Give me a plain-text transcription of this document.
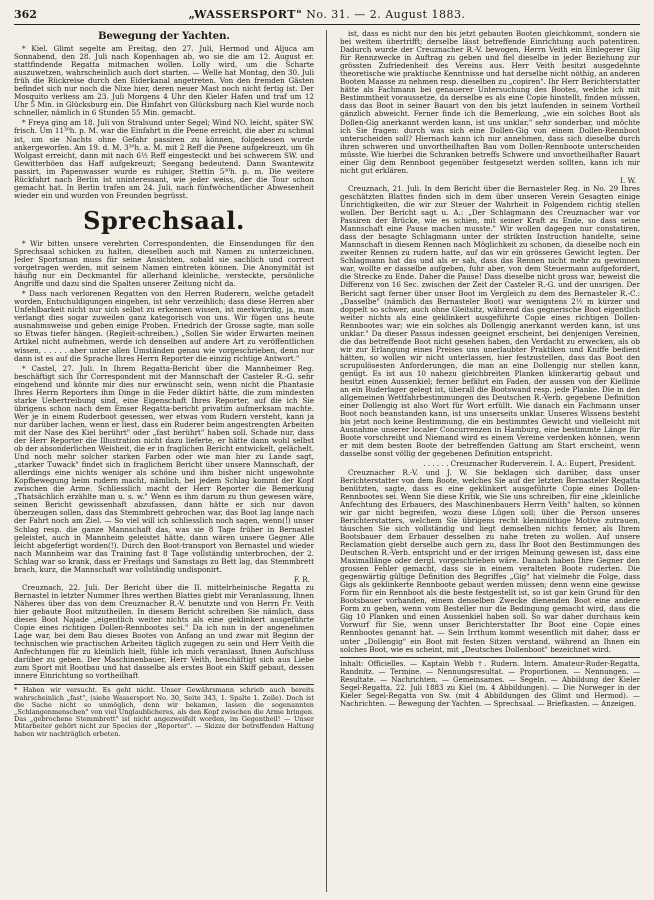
362	„WASSERSPORT" No. 31. — 2. August 1883.
Bewegung der Yachten.

* Kiel. Glimt segelte am Freitag, den 27. Juli, Hermod und Aljuca am Sonnabend, den 28. Juli nach Kopenhagen ab, wo sie die am 12. August er. stattfindende Regatta mitmachen wollen. Lolly wird, um die Scharte auszuwetzen, wahrscheinlich auch dort starten. — Welle hat Montag, den 30. Juli früh die Rückreise durch den Eiderkanal angetreten. Von den fremden Gästen befindet sich nur noch die Nixe hier, deren neuer Mast noch nicht fertig ist. Der Mosquito verliess am 23. Juli Morgens 4 Uhr den Kieler Hafen und traf um 12 Uhr 5 Min. in Glücksburg ein. Die Hinfahrt von Glücksburg nach Kiel wurde noch schneller, nämlich in 6 Stunden 55 Min. gemacht.

* Freya ging am 18. Juli von Stralsund unter Segel; Wind NO. leicht, später SW. frisch. Um 11³⁰h. p. M. war die Einfahrt in die Peene erreicht, die aber zu schmal ist, um sie Nachts ohne Gefahr passiren zu können, folgedessen wurde ankergeworfen. Am 19. d. M. 3³⁰h. a. M. mit 2 Reff die Peene aufgekreuzt, um 6h Wolgast erreicht, dann mit nach 6½ Reff eingesteckt und bei schwerem SW. und Gewitterböen das Haff aufgekreuzt; Seegang bedeutend. Dann Swantewitz passirt, im Papenwasser wurde es ruhiger, Stettin 5³⁰h. p. m. Die weitere Rückfahrt nach Berlin ist uninteressant, wie jeder weiss, der die Tour schon gemacht hat. In Berlin trafen am 24. Juli, nach fünfwöchentlicher Abwesenheit wieder ein und wurden von Freunden begrüsst.

Sprechsaal.

* Wir bitten unsere verehrten Correspondenten, die Einsendungen für den Sprechsaal schicken zu halten, dieselben auch mit Namen zu unterzeichnen. Jeder Sportsman muss für seine Ansichten, sobald sie sachlich und correct vorgetragen werden, mit seinem Namen eintreten können. Die Anonymität ist häufig nur ein Deckmantel für allerhand kleinliche, versteckte, persönliche Angriffe und dazu sind die Spalten unserer Zeitung nicht da.

* Dass nach verlorenen Regatten von den Herren Ruderern, welche getadelt worden, Entschuldigungen eingehen, ist sehr verzeihlich; dass diese Herren aber Unfehlbarkeit nicht nur sich selbst zu erkennen wissen, ist merkwürdig, ja, man verlangt dies sogar zuweilen ganz kategorisch von uns. Wir fügen uns heute ausnahmsweise und geben einige Proben. Friedrich der Grosse sagte, man solle so Etwas tiefer hängen. (Regleit-schreiben.) „Sollen Sie wider Erwarten meinen Artikel nicht aufnehmen, werde ich denselben auf andere Art zu veröffentlichen wissen, . . . . . aber unter allen Umständen genau wie vorgeschrieben, denn nur dann ist es auf die Sprache Ihres Herrn Reporter die einzig richtige Antwort."

* Castel, 27. Juli. In Ihrem Regatta-Bericht über die Mannheimer Reg. beschäftigt sich Ihr Correspondent mit der Mannschaft der Casteler R.-G. sehr eingehend und könnte mir dies nur erwünscht sein, wenn nicht die Phantasie Ihres Herrn Reporters ihm Dinge in die Feder diktirt hätte, die zum mindesten starke Uebertreibung sind, eine Eigenschaft Ihres Reporter, auf die ich Sie übrigens schon nach dem Emser Regatta-bericht privatim aufmerksam machte. Wer je in einem Ruderboot gesessen, wer etwas vom Rudern versteht, kann ja nur darüber lachen, wenn er liest, dass ein Ruderer beim angestrengten Arbeiten mit der Nase des Kiel berührt" oder „fast berührt" haben soll. Schade nur, dass der Herr Reporter die Illustration nicht dazu lieferte, er hätte dann wohl selbst ob der absonderlichen Weisheit, die er in fraglichen Bericht entwickelt, gelächelt. Und noch mehr solcher starken Farben oder wie man hier zu Lande sagt, „starker Tuwack" findet sich in fraglichem Bericht über unsere Mannschaft, der allerdings eine nichts weniger als schöne und ihm bisher nicht ungewohnte Kopfbewegung beim rudern macht, nämlich, bei jedem Schlag kommt der Kopf zwischen die Arme. Schliesslich macht der Herr Reporter die Bemerkung „Thatsächlich erzählte man u. s. w." Wenn es ihm darum zu thun gewesen wäre, seinen Bericht gewissenhaft abzufassen, dann hätte er sich nur davon überzeugen sollen, dass das Stemmbrett gebrochen war, das Boot lag lange nach der Fahrt noch am Ziel. — So viel will ich schliesslich noch sagen, wenn(!) unser Schlag resp. die ganze Mannschaft das, was sie 8 Tage früher in Bernastel geleistet, auch in Mannheim geleistet hätte, dann wären unsere Gegner Alle leicht abgefertigt worden(!). Durch den Boot-transport von Bernastel und wieder nach Mannheim war das Training fast 8 Tage vollständig unterbrochen, der 2. Schlag war so krank, dass er Freitags und Samstags zu Bett lag, das Stemmbrett brach, kurz, die Mannschaft war vollständig undisponirt.

F. R.

Creuznach, 22. Juli. Der Bericht über die II. mittelrheinische Regatta zu Bernastel in letzter Nummer Ihres werthen Blattes giebt mir Veranlassung, Ihnen Näheres über das von dem Creuznacher R.-V. benutzte und von Herrn Fr. Veith hier gebaute Boot mitzutheilen. In diesem Bericht schreiben Sie nämlich, dass dieses Boot Najade „eigentlich weiter nichts als eine geklinkert ausgeführte Copie eines richtigen Dollen-Rennbootes sei." Da ich nun in der angenehmen Lage war, bei dem Bau dieses Bootes von Anfang an und zwar mit Beginn der technischen wie practischen Arbeiten täglich zugegen zu sein und Herr Veith die Anfechtungen für zu kleinlich hielt, fühle ich mich veranlasst, Ihnen Aufschluss darüber zu geben. Der Maschinenbauer, Herr Veith, beschäftigt sich aus Liebe zum Sport mit Bootbau und hat dasselbe als erstes Boot ein Skiff gebaut, dessen innere Einrichtung so vortheilhaft

* Haben wir versucht. Es geht nicht. Unser Gewährsmann schrieb auch bereits wahrscheinlich „fast", (siehe Wassersport No. 30, Seite 343, 1. Spalte 1. Zeile). Doch ist die Sache nicht so unmöglich, denn wir bekamen, lassen die sogenannten „Schlangenmenschen" von viel Unglaublicheres, als den Kopf zwischen die Arme bringen. Das „gebrochene Stemmbrett" ist nicht angezweifelt worden, im Gegentheil! — Unser Mitarbeiter gehört nicht zur Species der „Reporter". — Skizze der betreffenden Haltung haben wir nachträglich erbeten.

ist, dass es nicht nur den bis jetzt gebauten Booten gleichkommt, sondern sie bei weitem übertrifft; derselbe lässt betreffende Einrichtung auch patentiren. Dadurch wurde der Creuznacher R.-V. bewogen, Herrn Veith ein Einlegerer Gig für Rennzwecke in Auftrag zu geben und fiel dieselbe in jeder Beziehung zur grössten Zufriedenheit des Vereins aus. Herr Veith besitzt ausgedehnte theoretische wie praktische Kenntnisse und hat derselbe nicht nöthig, an anderen Booten Maasse zu nehmen resp. dieselben zu „copiren". Ihr Herr Berichterstatter hätte als Fachmann bei genauerer Untersuchung des Bootes, welche ich mit Bestimmtheit voraussetze, da derselbe es als eine Copie hinstellt, finden müssen, dass das Boot in seiner Bauart von den bis jetzt laufenden in seinem Vortheil gänzlich abweicht. Ferner finde ich die Bemerkung, „wie ein solches Boot als Dollen-Gig anerkannt werden kann, ist uns unklar," sehr sonderbar, und möchte ich Sie fragen: durch was sich eine Dollen-Gig von einem Dollen-Rennboot unterscheiden soll? Hiernach kann ich nur annehmen, dass sich dieselbe durch ihren schweren und unvortheilhaften Bau vom Dollen-Rennboote unterscheiden müsste. Wie hierbei die Schranken betreffs Schwere und unvortheilhafter Bauart einer Gig dem Rennboot gegenüber festgesetzt werden sollten, kann ich mir nicht gut erklären.

I. W.

Creuznach, 21. Juli. In dem Bericht über die Bernasteler Reg. in No. 29 Ihres geschätzten Blattes finden sich in dem über unseren Verein Gesagten einige Unrichtigkeiten, die wir zur Steuer der Wahrheit in Folgendem richtig stellen wollen. Der Bericht sagt u. A.: „Der Schlagmann des Creuznacher war vor Passiren der Brücke, wie es schien, mit seiner Kraft zu Ende, so dass seine Mannschaft eine Pause machen musste." Wir wollen dagegen nur constatiren, dass der besagte Schlagmann unter der strikten Instruction handelte, seine Mannschaft in diesem Rennen nach Möglichkeit zu schonen, da dieselbe noch ein zweiter Rennen zu rudern hatte, auf das wir ein grösseres Gewicht legten. Der Schlagmann hat das und als er sah, dass das Rennen nicht mehr zu gewinnen war, wollte er dasselbe aufgeben, fuhr aber, von dem Steuermann aufgefordert, die Strecke zu Ende. Daher die Pause! Dass dieselbe nicht gross war, beweist die Differenz von 16 Sec. zwischen der Zeit der Casteler R.-G. und der unsrigen. Der Bericht sagt ferner über unser Boot im Vergleich zu dem des Bernasteler R.-C.: „Dasselbe" (nämlich das Bernasteler Boot) war wenigstens 2½ m kürzer und doppelt so schwer, auch ohne Gleitsitz, während das gegnerische Boot eigentlich weiter nichts als eine geklinkert ausgeführte Copie eines richtigen Dollen-Rennbootes war; wie ein solches als Dollengig anerkannt werden kann, ist uns unklar." Da dieser Passus indessen geeignet erscheint, bei denjenigen Vereinen, die das betreffende Boot nicht gesehen haben, den Verdacht zu erwecken, als ob wir zur Erlangung eines Preises uns unerlaubter Praktiken und Kniffe bedient hätten, so wollen wir nicht unterlassen, hier festzustellen, dass das Boot den scrupulösesten Anforderungen, die man an eine Dollengig nur stellen kann, genügt. Es ist aus 10 nahezu gleichbreiten Planken klinkerartig gebaut und besitzt einen Aussenkiel; ferner befährt ein Faden, der aussen von der Kiellinie an ein Ruderlager gelegt ist, überall die Bootswand resp. jede Planke. Die in den allgemeinen Wettfahrbestimmungen des Deutschen R.-Verb. gegebene Definition einer Dollengig ist also Wort für Wort erfüllt. Wie danach ein Fachmann unser Boot noch beanstanden kann, ist uns unserseits unklar. Unseres Wissens besteht bis jetzt noch keine Bestimmung, die ein bestimmtes Gewicht und vielleicht mit Ausnahme unserer localer Concurrenzen in Hamburg, eine bestimmte Länge für Boote vorschreibt und Niemand wird es einem Vereine verdenken können, wenn er mit dem besten Boote der betreffenden Gattung am Start erscheint, wenn dasselbe sonst völlig der gegebenen Definition entspricht.

. . . . . . Creuznacher Ruderverein. I. A.: Eupert, President.

Creuznacher R.-V. und J. W. Sie beklagen sich darüber, dass unser Berichterstatter von dem Boote, welches Sie auf der letzten Bernasteler Regatta benützten, sagte, dass es eine geklinkert ausgeführte Copie eines Dollen-Rennbootes sei. Wenn Sie diese Kritik, wie Sie uns schreiben, für eine „kleinliche Anfechtung des Erbauers, des Maschinenbauers Herrn Veith" halten, so können wir gar nicht begreifen, wozu diese Lügen soll; über die Person unseres Berichterstatters, welchem Sie übrigens recht kleinmüthige Motive zutrauen, täuschen Sie sich vollständig und liegt demselben nichts ferner, als Ihrem Bootsbauer dem Erbauer desselben zu nahe treten zu wollen. Auf unsere Reclamation giebt derselbe auch gern zu, dass Ihr Boot den Bestimmungen des Deutschen R.-Verb. entspricht und er der irrigen Meinung gewesen ist, dass eine Maximallänge oder dergl. vorgeschrieben wäre. Danach haben Ihre Gegner den grossen Fehler gemacht, dass sie in einem veralteten Boote ruderten. Die gegenwärtig gültige Definition des Begriffes „Gig" hat vielmehr die Folge, dass Gigs als geklinkerte Rennboote gebaut werden müssen; denn wenn eine gewisse Form für ein Rennboot als die beste festgestellt ist, so ist gar kein Grund für den Bootsbauer vorhanden, einem denselben Zwecke dienenden Boot eine andere Form zu geben, wenn vom Besteller nur die Bedingung gemacht wird, dass die Gig 10 Planken und einen Aussenkiel haben soll. So war daher durchaus kein Vorwurf für Sie, wenn unser Berichterstatter Ihr Boot eine Copie eines Rennbootes genannt hat. — Sein Irrthum kommt wesentlich mit daher, dass er unter „Dollengig" ein Boot mit festen Sitzen verstand, während an Ihnen ein solches Boot, wie es scheint, mit „Deutsches Dollenboot" bezeichnet wird.

Inhalt: Officielles. — Kaptain Webb †. Rudern. Intern. Amateur-Ruder-Regatta, Randnitz. — Termine. — Nennungsresultat. — Proportionen. — Nennungen. — Resultate. — Nachrichten. — Gemeinsames. — Segeln. — Abbildung der Kieler Segel-Regatta, 22. Juli 1883 zu Kiel (m. 4 Abbildungen). — Die Norweger in der Kieler Segel-Regatta von Sw. (mit 4 Abbildungen des Glimt und Hermod). — Nachrichten. — Bewegung der Yachten. — Sprechsaal. — Briefkasten. — Anzeigen.
